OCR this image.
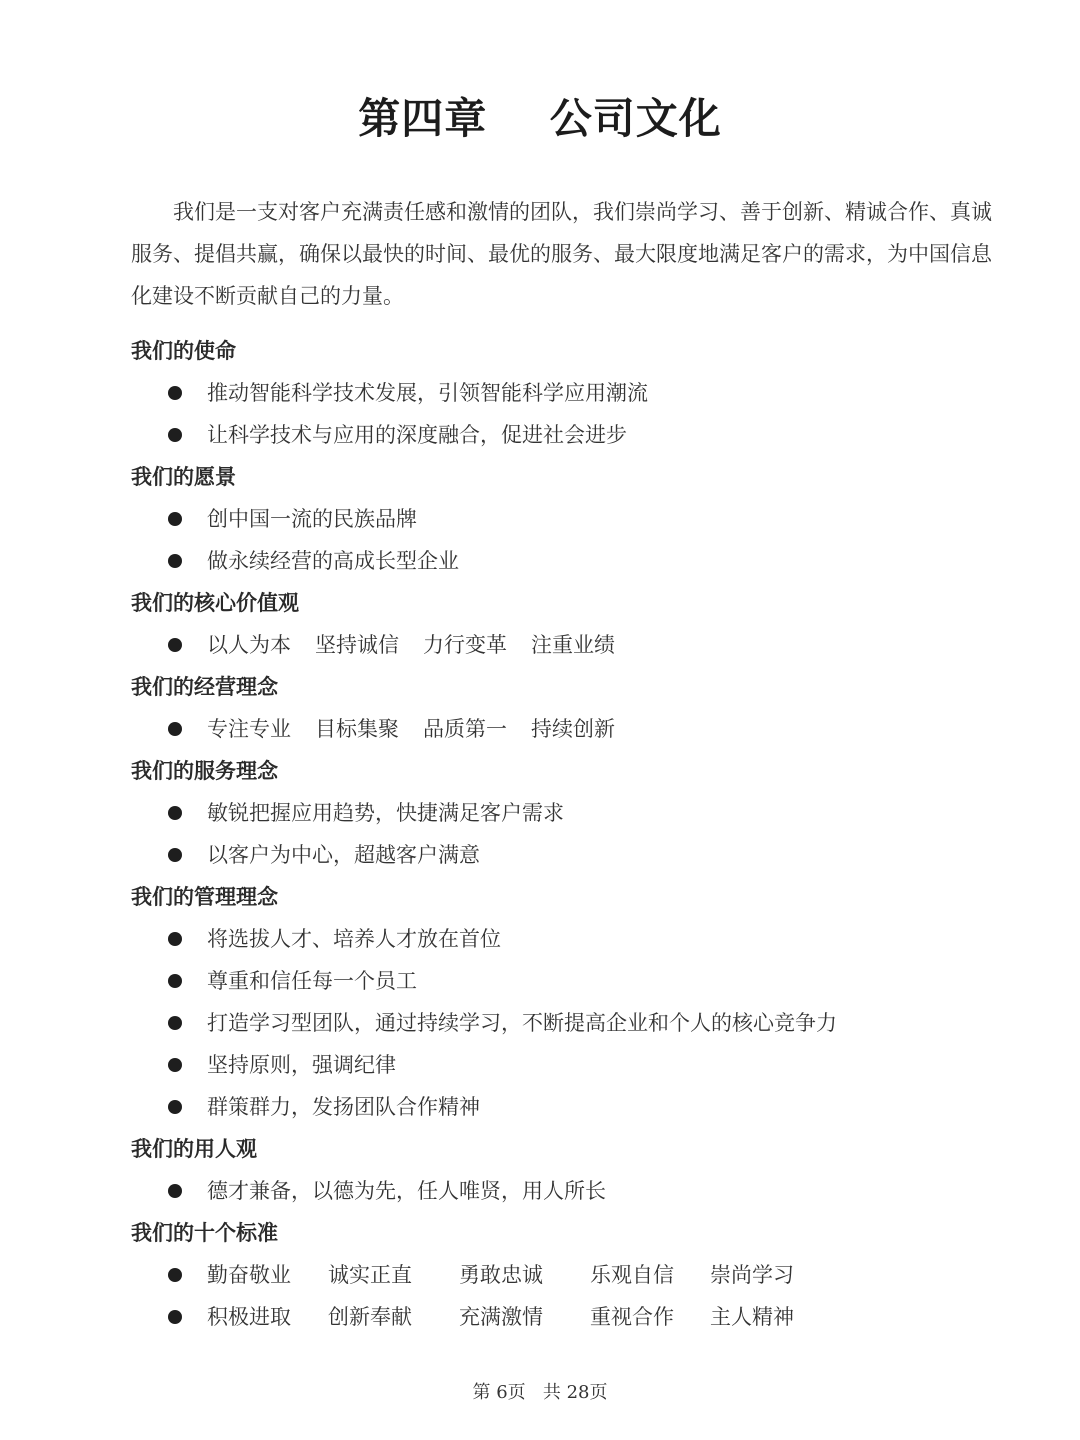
第四章    公司文化

我们是一支对客户充满责任感和激情的团队，我们崇尚学习、善于创新、精诚合作、真诚服务、提倡共赢，确保以最快的时间、最优的服务、最大限度地满足客户的需求，为中国信息化建设不断贡献自己的力量。

我们的使命
推动智能科学技术发展，引领智能科学应用潮流
让科学技术与应用的深度融合，促进社会进步
我们的愿景
创中国一流的民族品牌
做永续经营的高成长型企业
我们的核心价值观
以人为本 坚持诚信 力行变革 注重业绩
我们的经营理念
专注专业 目标集聚 品质第一 持续创新
我们的服务理念
敏锐把握应用趋势，快捷满足客户需求
以客户为中心，超越客户满意
我们的管理理念
将选拔人才、培养人才放在首位
尊重和信任每一个员工
打造学习型团队，通过持续学习，不断提高企业和个人的核心竞争力
坚持原则，强调纪律
群策群力，发扬团队合作精神
我们的用人观
德才兼备，以德为先，任人唯贤，用人所长
我们的十个标准
勤奋敬业 诚实正直 勇敢忠诚 乐观自信 崇尚学习
积极进取 创新奉献 充满激情 重视合作 主人精神
第 6页 共 28页
